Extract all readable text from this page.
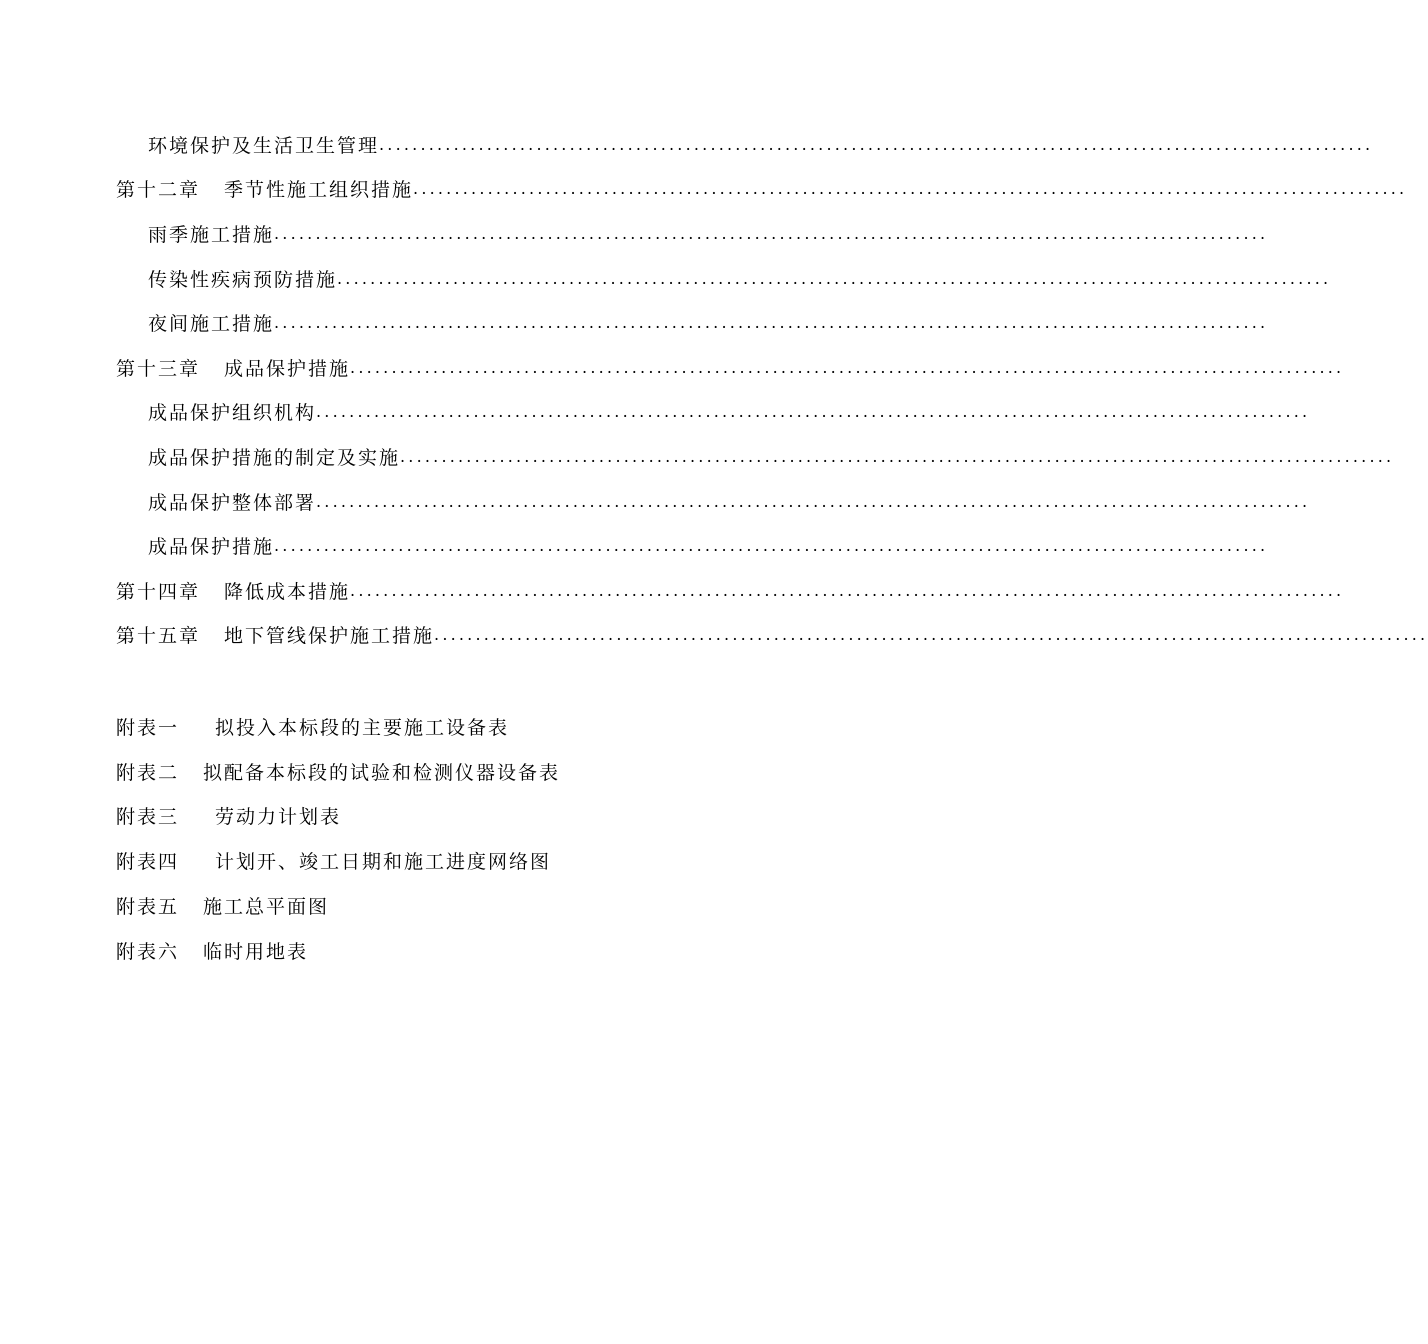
环境保护及生活卫生管理 ........................................................................................................................
第十二章 季节性施工组织措施 ........................................................................................................................
雨季施工措施 ........................................................................................................................
传染性疾病预防措施 ........................................................................................................................
夜间施工措施 ........................................................................................................................
第十三章 成品保护措施 ........................................................................................................................
成品保护组织机构 ........................................................................................................................
成品保护措施的制定及实施 ........................................................................................................................
成品保护整体部署 ........................................................................................................................
成品保护措施 ........................................................................................................................
第十四章 降低成本措施 ........................................................................................................................
第十五章 地下管线保护施工措施 ........................................................................................................................
附表一 拟投入本标段的主要施工设备表
附表二 拟配备本标段的试验和检测仪器设备表
附表三 劳动力计划表
附表四 计划开、竣工日期和施工进度网络图
附表五 施工总平面图
附表六 临时用地表
